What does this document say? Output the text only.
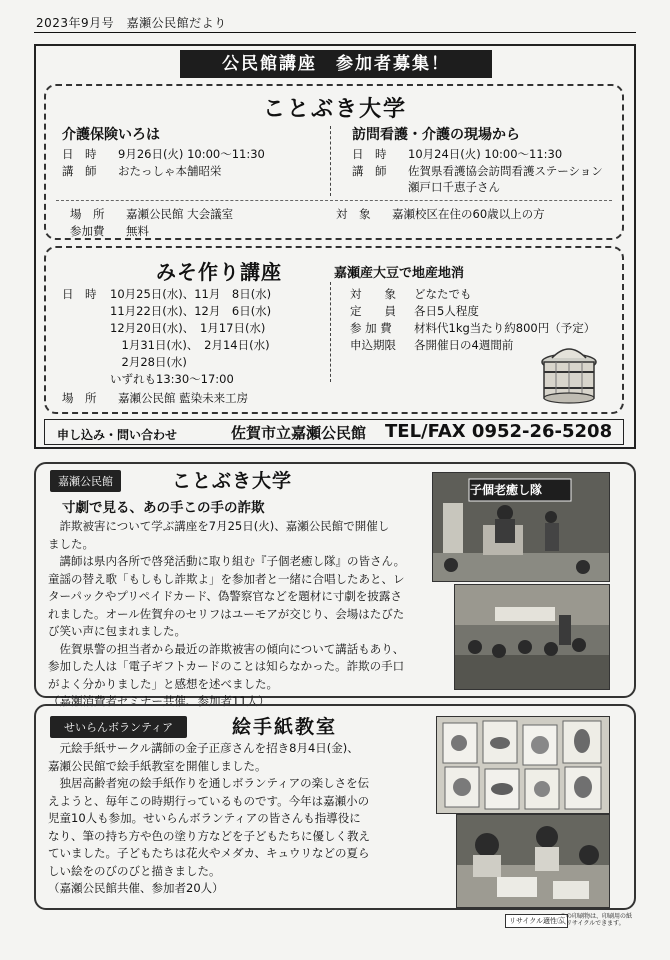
2023年9月号　嘉瀬公民館だより
公民館講座　参加者募集！
ことぶき大学
介護保険いろは
日　時 9月26日(火) 10:00～11:30
講　師 おたっしゃ本舗昭栄
訪問看護・介護の現場から
日　時 10月24日(火) 10:00～11:30
講　師 佐賀県看護協会訪問看護ステーション
瀬戸口千恵子さん
場　所 嘉瀬公民館 大会議室
参加費 無料
対　象 嘉瀬校区在住の60歳以上の方
みそ作り講座	嘉瀬産大豆で地産地消
日　時 10月25日(水)、11月　8日(水)
11月22日(水)、12月　6日(水)
12月20日(水)、　1月17日(水)
　1月31日(水)、　2月14日(水)
　2月28日(水)
いずれも13:30～17:00
場　所 嘉瀬公民館 藍染未来工房
対　　象 どなたでも
定　　員 各日5人程度
参 加 費 材料代1kg当たり約800円（予定）
申込期限 各開催日の4週間前
申し込み・問い合わせ	佐賀市立嘉瀬公民館 TEL/FAX 0952-26-5208
嘉瀬公民館	ことぶき大学
寸劇で見る、あの手この手の詐欺
　詐欺被害について学ぶ講座を7月25日(火)、嘉瀬公民館で開催し
ました。
　講師は県内各所で啓発活動に取り組む『子個老癒し隊』の皆さん。
童謡の替え歌「もしもし詐欺よ」を参加者と一緒に合唱したあと、レ
ターパックやプリペイドカード、偽警察官などを題材に寸劇を披露さ
れました。オール佐賀弁のセリフはユーモアが交じり、会場はたびた
び笑い声に包まれました。
　佐賀県警の担当者から最近の詐欺被害の傾向について講話もあり、
参加した人は「電子ギフトカードのことは知らなかった。詐欺の手口
がよく分かりました」と感想を述べました。
（嘉瀬消費者セミナー共催、参加者11人）
子個老癒し隊
せいらんボランティア	絵手紙教室
　元絵手紙サークル講師の金子正彦さんを招き8月4日(金)、
嘉瀬公民館で絵手紙教室を開催しました。
　独居高齢者宛の絵手紙作りを通しボランティアの楽しさを伝
えようと、毎年この時期行っているものです。今年は嘉瀬小の
児童10人も参加。せいらんボランティアの皆さんも指導役に
なり、筆の持ち方や色の塗り方などを子どもたちに優しく教え
ていました。子どもたちは花火やメダカ、キュウリなどの夏ら
しい絵をのびのびと描きました。
（嘉瀬公民館共催、参加者20人）
リサイクル適性Ⓐ
この印刷物は、印刷用の紙へリサイクルできます。
